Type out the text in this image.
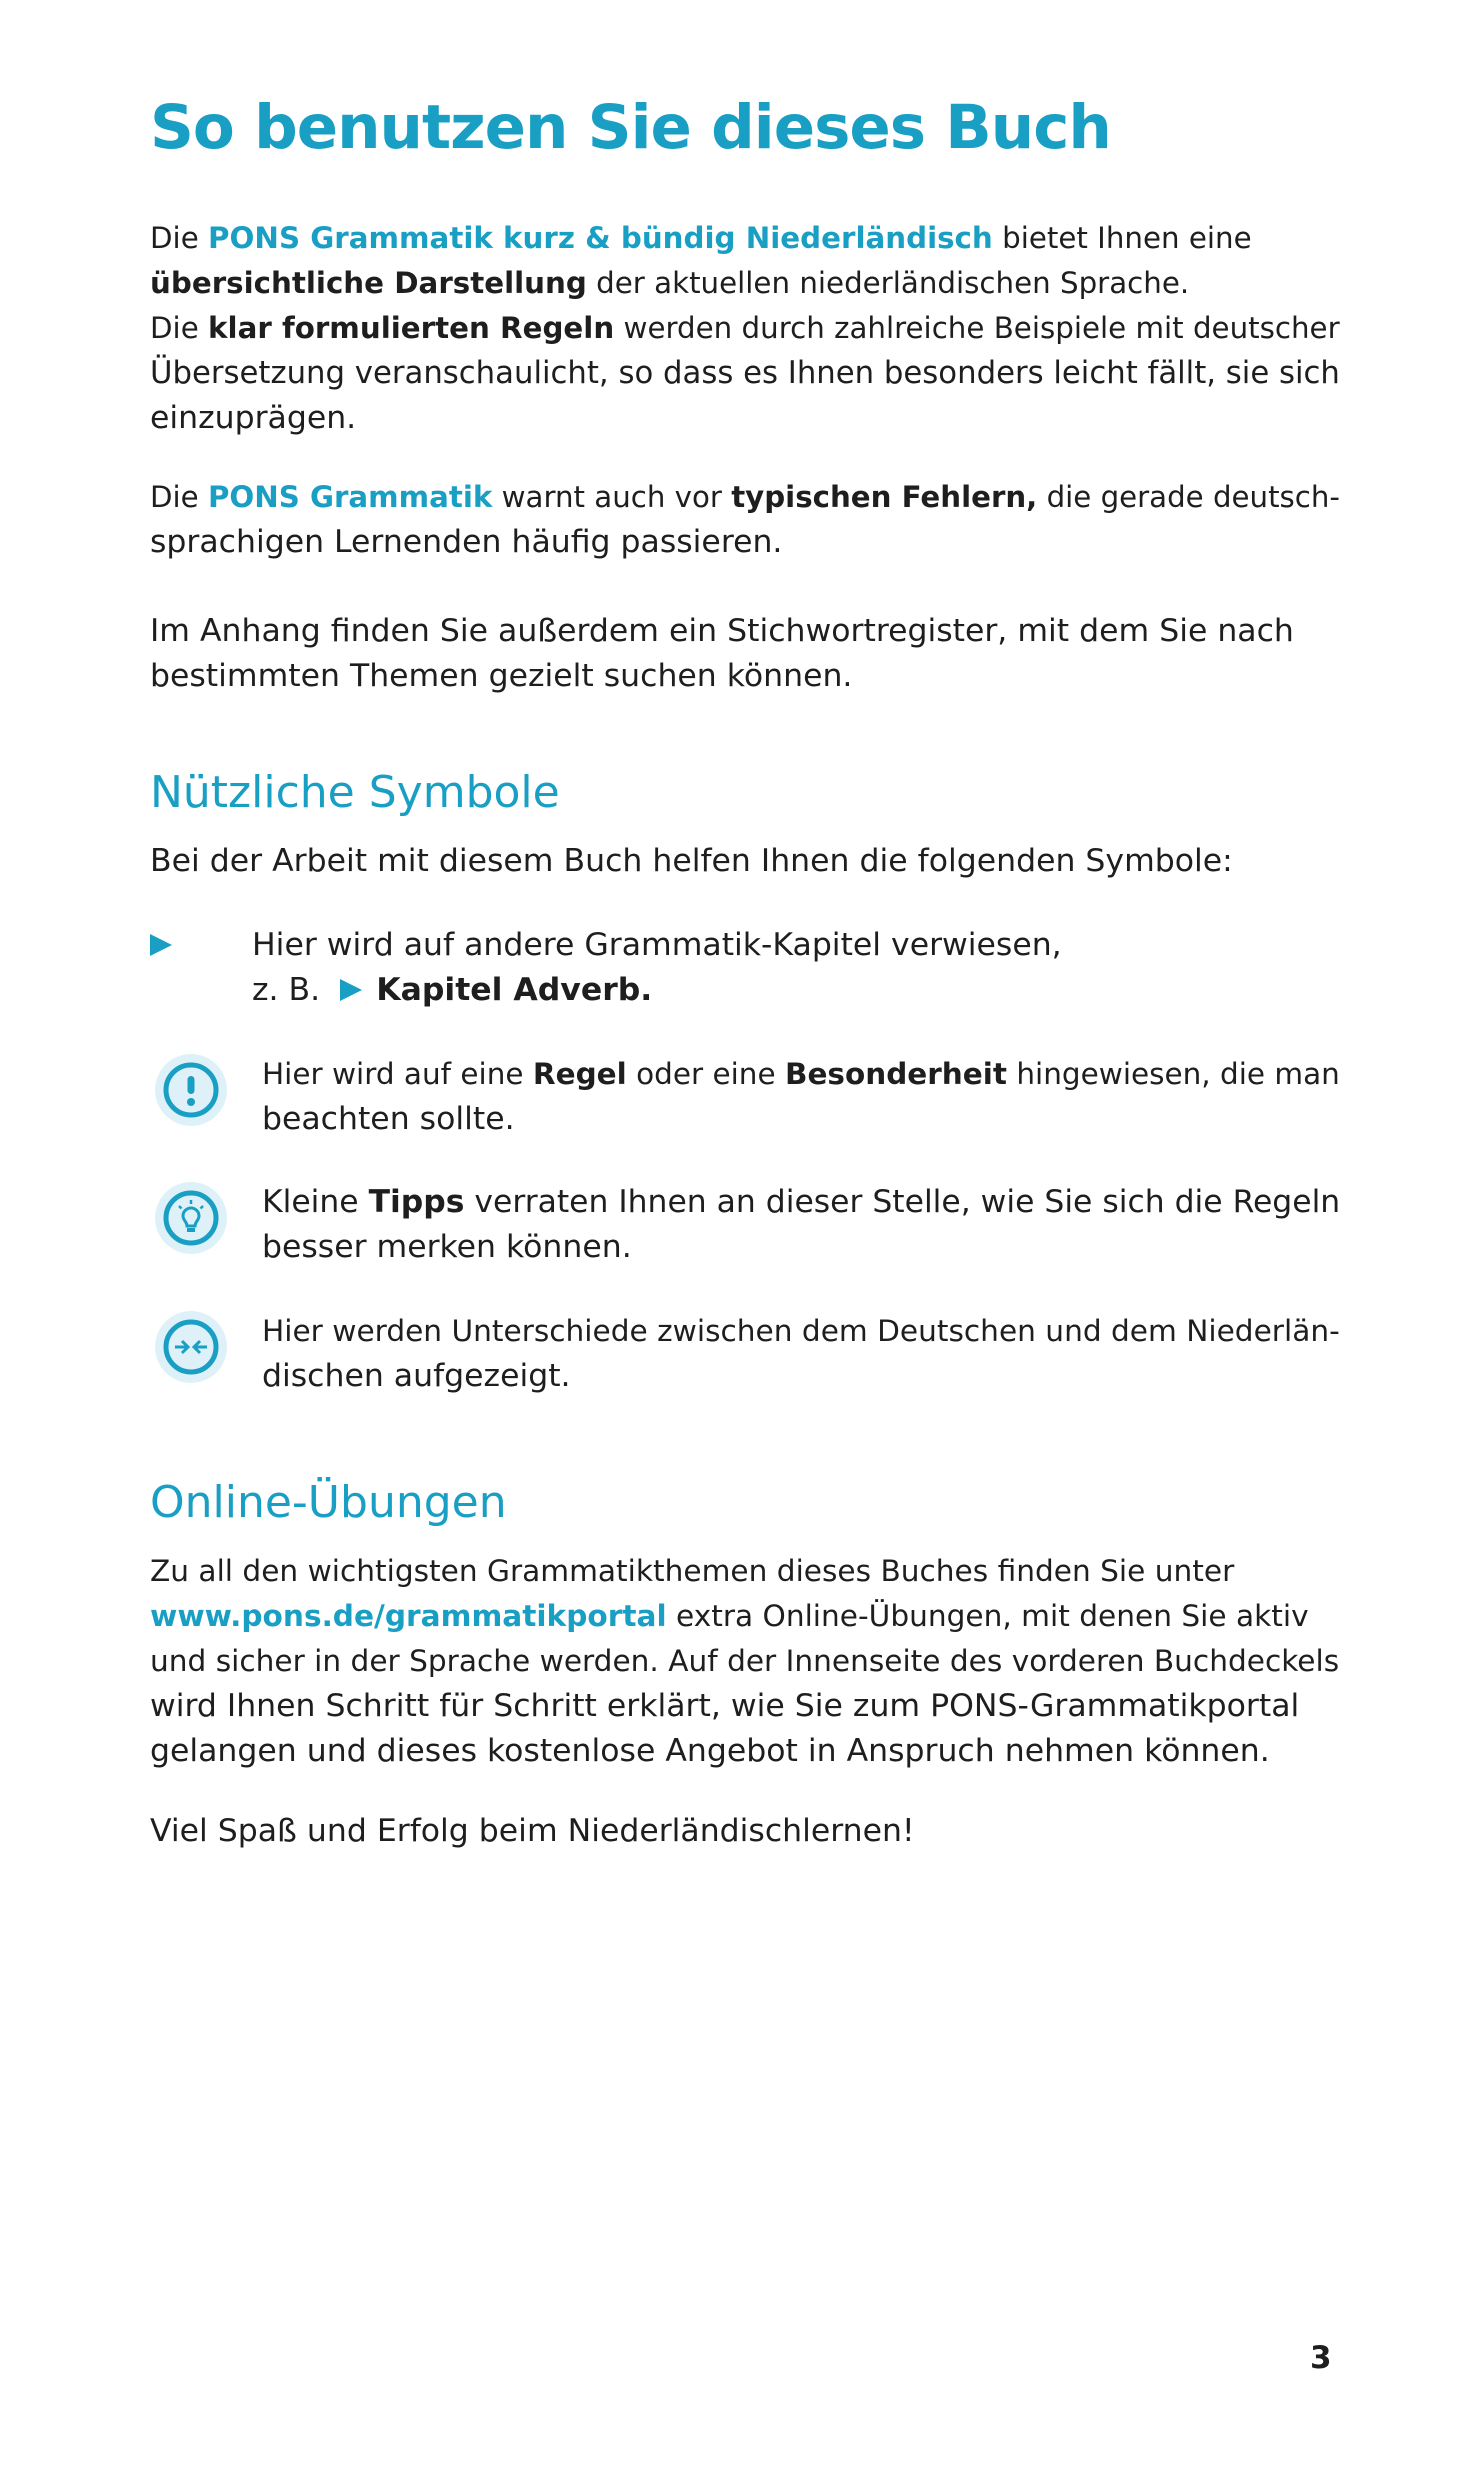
So benutzen Sie dieses Buch

Die PONS Grammatik kurz & bündig Niederländisch bietet Ihnen eine

übersichtliche Darstellung der aktuellen niederländischen Sprache.

Die klar formulierten Regeln werden durch zahlreiche Beispiele mit deutscher

Übersetzung veranschaulicht, so dass es Ihnen besonders leicht fällt, sie sich

einzuprägen.

Die PONS Grammatik warnt auch vor typischen Fehlern, die gerade deutsch-

sprachigen Lernenden häufig passieren.

Im Anhang finden Sie außerdem ein Stichwortregister, mit dem Sie nach

bestimmten Themen gezielt suchen können.

Nützliche Symbole

Bei der Arbeit mit diesem Buch helfen Ihnen die folgenden Symbole:

Hier wird auf andere Grammatik-Kapitel verwiesen,

z. B. Kapitel Adverb.

Hier wird auf eine Regel oder eine Besonderheit hingewiesen, die man

beachten sollte.

Kleine Tipps verraten Ihnen an dieser Stelle, wie Sie sich die Regeln

besser merken können.

Hier werden Unterschiede zwischen dem Deutschen und dem Niederlän-

dischen aufgezeigt.

Online-Übungen

Zu all den wichtigsten Grammatikthemen dieses Buches finden Sie unter

www.pons.de/grammatikportal extra Online-Übungen, mit denen Sie aktiv

und sicher in der Sprache werden. Auf der Innenseite des vorderen Buchdeckels

wird Ihnen Schritt für Schritt erklärt, wie Sie zum PONS-Grammatikportal

gelangen und dieses kostenlose Angebot in Anspruch nehmen können.

Viel Spaß und Erfolg beim Niederländischlernen!

3
